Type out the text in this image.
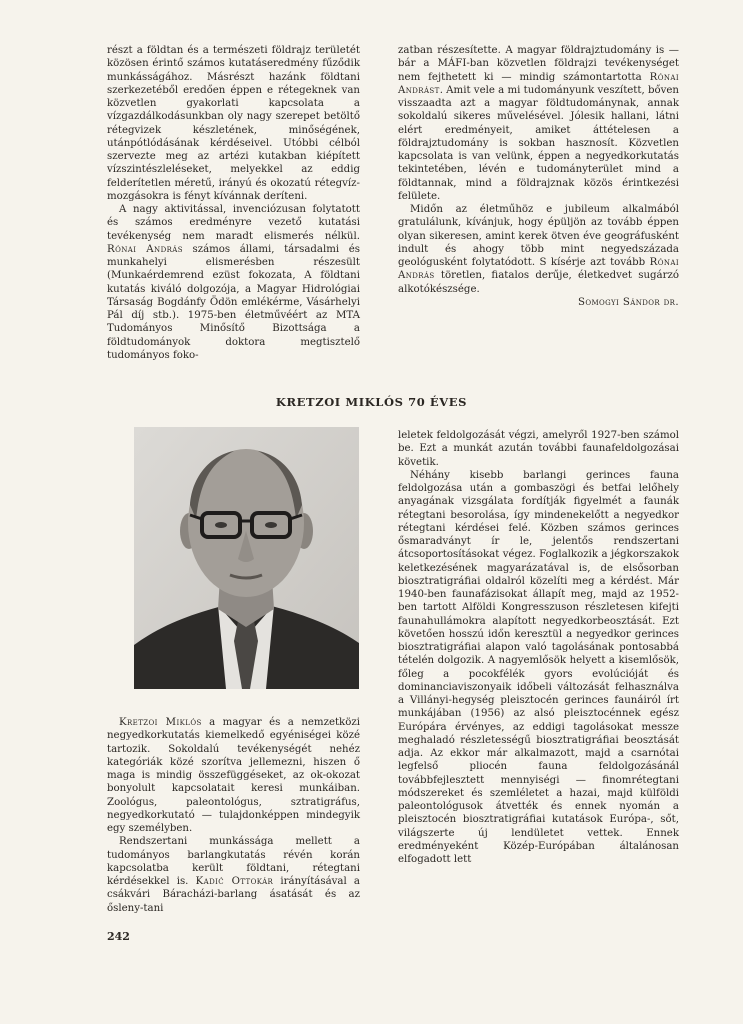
részt a földtan és a természeti földrajz területét közösen érintő számos kutatáseredmény fűződik munkásságához. Másrészt hazánk földtani szerkezetéből eredően éppen e rétegeknek van közvetlen gyakorlati kapcsolata a vízgazdálkodásunkban oly nagy szerepet betöltő rétegvizek készletének, minőségének, utánpótlódásának kérdéseivel. Utóbbi célból szervezte meg az artézi kutakban kiépített vízszintészleléseket, melyekkel az eddig felderítetlen méretű, irányú és okozatú rétegvíz-mozgásokra is fényt kívánnak deríteni.

A nagy aktivitással, invenciózusan folytatott és számos eredményre vezető kutatási tevékenység nem maradt elismerés nélkül. Rónai András számos állami, társadalmi és munkahelyi elismerésben részesült (Munkaérdemrend ezüst fokozata, A földtani kutatás kiváló dolgozója, a Magyar Hidrológiai Társaság Bogdánfy Ödön emlékérme, Vásárhelyi Pál díj stb.). 1975-ben életművéért az MTA Tudományos Minősítő Bizottsága a földtudományok doktora megtisztelő tudományos foko-

zatban részesítette. A magyar földrajztudomány is — bár a MÁFI-ban közvetlen földrajzi tevékenységet nem fejthetett ki — mindig számontartotta Rónai Andrást. Amit vele a mi tudományunk veszített, bőven visszaadta azt a magyar földtudománynak, annak sokoldalú sikeres művelésével. Jólesik hallani, látni elért eredményeit, amiket áttételesen a földrajztudomány is sokban hasznosít. Közvetlen kapcsolata is van velünk, éppen a negyedkorkutatás tekintetében, lévén e tudományterület mind a földtannak, mind a földrajznak közös érintkezési felülete.

Midőn az életműhöz e jubileum alkalmából gratulálunk, kívánjuk, hogy épüljön az tovább éppen olyan sikeresen, amint kerek ötven éve geográfusként indult és ahogy több mint negyedszázada geológusként folytatódott. S kísérje azt tovább Rónai András töretlen, fiatalos derűje, életkedvet sugárzó alkotókészsége.

Somogyi Sándor dr.

KRETZOI MIKLÓS 70 ÉVES

Kretzoi Miklós a magyar és a nemzetközi negyedkorkutatás kiemelkedő egyéniségei közé tartozik. Sokoldalú tevékenységét nehéz kategóriák közé szorítva jellemezni, hiszen ő maga is mindig összefüggéseket, az ok-okozat bonyolult kapcsolatait keresi munkáiban. Zoológus, paleontológus, sztratigráfus, negyedkorkutató — tulajdonképpen mindegyik egy személyben.

Rendszertani munkássága mellett a tudományos barlangkutatás révén korán kapcsolatba került földtani, rétegtani kérdésekkel is. Kadić Ottokár irányításával a csákvári Báracházi-barlang ásatását és az ősleny-tani

leletek feldolgozását végzi, amelyről 1927-ben számol be. Ezt a munkát azután további faunafeldolgozásai követik.

Néhány kisebb barlangi gerinces fauna feldolgozása után a gombaszögi és betfai lelőhely anyagának vizsgálata fordítják figyelmét a faunák rétegtani besorolása, így mindenekelőtt a negyedkor rétegtani kérdései felé. Közben számos gerinces ősmaradványt ír le, jelentős rendszertani átcsoportosításokat végez. Foglalkozik a jégkorszakok keletkezésének magyarázatával is, de elsősorban biosztratigráfiai oldalról közelíti meg a kérdést. Már 1940-ben faunafázisokat állapít meg, majd az 1952-ben tartott Alföldi Kongresszuson részletesen kifejti faunahullámokra alapított negyedkorbeosztását. Ezt követően hosszú időn keresztül a negyedkor gerinces biosztratigráfiai alapon való tagolásának pontosabbá tételén dolgozik. A nagyemlősök helyett a kisemlősök, főleg a pocokfélék gyors evolúcióját és dominanciaviszonyaik időbeli változását felhasználva a Villányi-hegység pleisztocén gerinces faunáiról írt munkájában (1956) az alsó pleisztocénnek egész Európára érvényes, az eddigi tagolásokat messze meghaladó részletességű biosztratigráfiai beosztását adja. Az ekkor már alkalmazott, majd a csarnótai legfelső pliocén fauna feldolgozásánál továbbfejlesztett mennyiségi — finomrétegtani módszereket és szemléletet a hazai, majd külföldi paleontológusok átvették és ennek nyomán a pleisztocén biosztratigráfiai kutatások Európa-, sőt, világszerte új lendületet vettek. Ennek eredményeként Közép-Európában általánosan elfogadott lett

242
